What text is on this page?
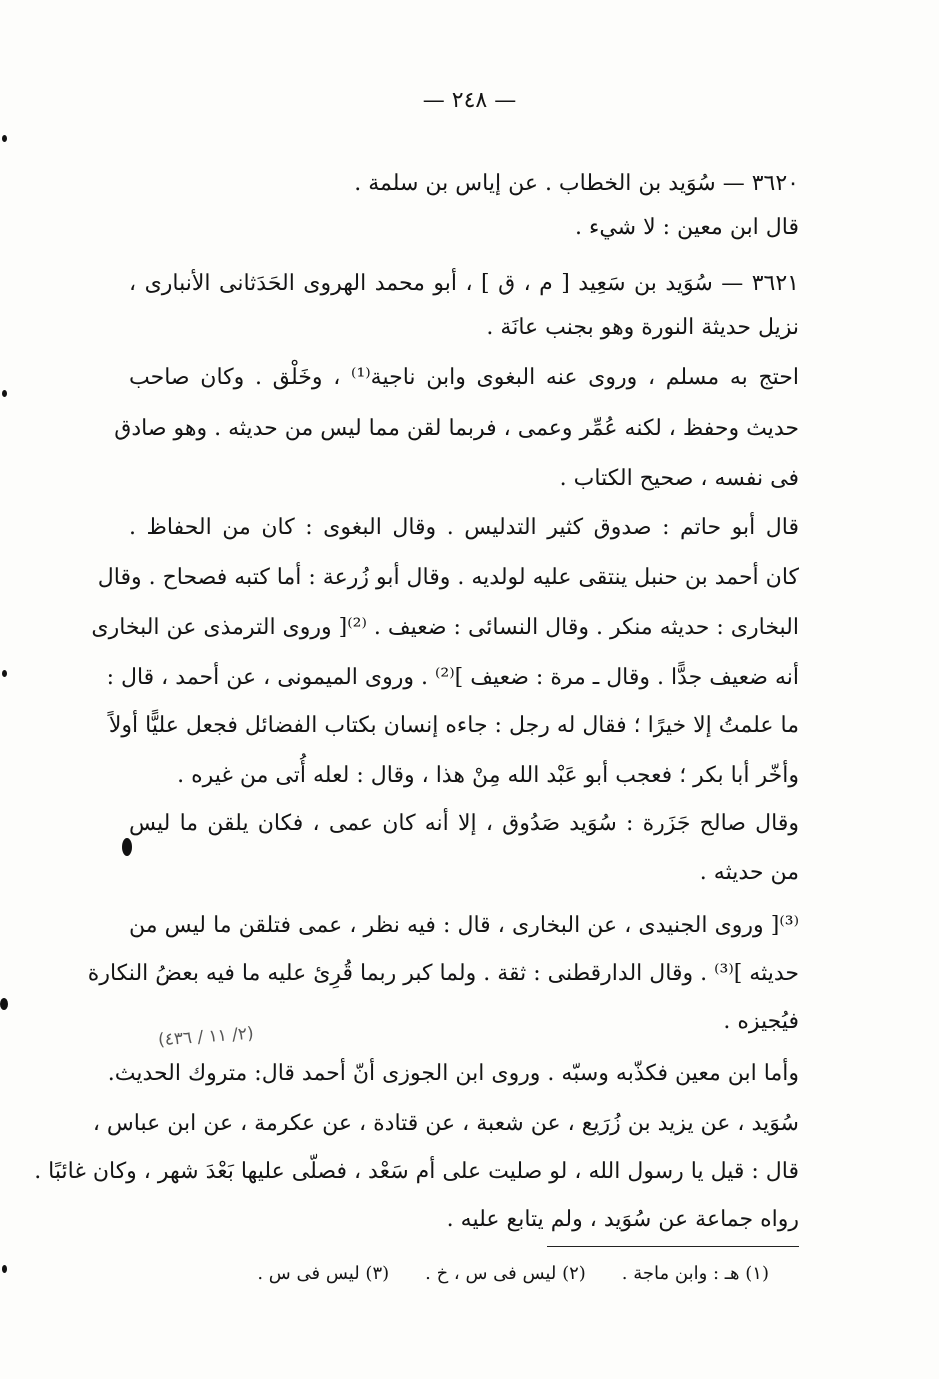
— ٢٤٨ —
٣٦٢٠ — سُوَيد بن الخطاب . عن إياس بن سلمة .
قال ابن معين : لا شيء .
٣٦٢١ — سُوَيد بن سَعِيد [ م ، ق ] ، أبو محمد الهروى الحَدَثانى الأنبارى ،
نزيل حديثة النورة وهو بجنب عانَة .
احتج به مسلم ، وروى عنه البغوى وابن ناجية⁽¹⁾ ، وخَلْق . وكان صاحب
حديث وحفظ ، لكنه عُمِّر وعمى ، فربما لقن مما ليس من حديثه . وهو صادق
فى نفسه ، صحيح الكتاب .
قال أبو حاتم : صدوق كثير التدليس . وقال البغوى : كان من الحفاظ .
كان أحمد بن حنبل ينتقى عليه لولديه . وقال أبو زُرعة : أما كتبه فصحاح . وقال
البخارى : حديثه منكر . وقال النسائى : ضعيف . ⁽²⁾[ وروى الترمذى عن البخارى
أنه ضعيف جدًّا . وقال ـ مرة : ضعيف ]⁽²⁾ . وروى الميمونى ، عن أحمد ، قال :
ما علمتُ إلا خيرًا ؛ فقال له رجل : جاءه إنسان بكتاب الفضائل فجعل عليًّا أولاً
وأخّر أبا بكر ؛ فعجب أبو عَبْد الله مِنْ هذا ، وقال : لعله أُتى من غيره .
وقال صالح جَزَرة : سُوَيد صَدُوق ، إلا أنه كان عمى ، فكان يلقن ما ليس
من حديثه .
⁽³⁾[ وروى الجنيدى ، عن البخارى ، قال : فيه نظر ، عمى فتلقن ما ليس من
حديثه ]⁽³⁾ . وقال الدارقطنى : ثقة . ولما كبر ربما قُرِئ عليه ما فيه بعضُ النكارة
فيُجيزه .
وأما ابن معين فكذّبه وسبّه . وروى ابن الجوزى أنّ أحمد قال: متروك الحديث.
سُوَيد ، عن يزيد بن زُرَيع ، عن شعبة ، عن قتادة ، عن عكرمة ، عن ابن عباس ،
قال : قيل يا رسول الله ، لو صليت على أم سَعْد ، فصلّى عليها بَعْدَ شهر ، وكان غائبًا .
رواه جماعة عن سُوَيد ، ولم يتابع عليه .
(٢/ ١١ / ٤٣٦)
(١) هـ : وابن ماجة .
(٢) ليس فى س ، خ .
(٣) ليس فى س .
